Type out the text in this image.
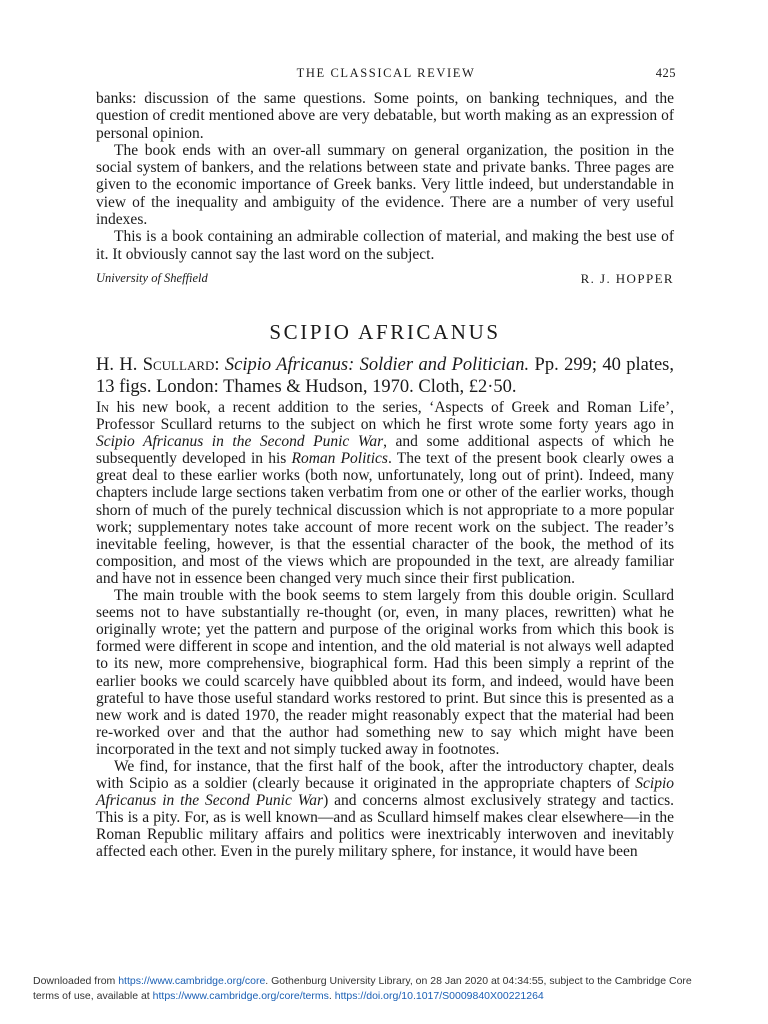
THE CLASSICAL REVIEW	425

banks: discussion of the same questions. Some points, on banking techniques, and the question of credit mentioned above are very debatable, but worth making as an expression of personal opinion.

The book ends with an over-all summary on general organization, the position in the social system of bankers, and the relations between state and private banks. Three pages are given to the economic importance of Greek banks. Very little indeed, but understandable in view of the inequality and ambiguity of the evidence. There are a number of very useful indexes.

This is a book containing an admirable collection of material, and making the best use of it. It obviously cannot say the last word on the subject.

University of Sheffield	R. J. HOPPER
SCIPIO AFRICANUS
H. H. Scullard: Scipio Africanus: Soldier and Politician. Pp. 299; 40 plates, 13 figs. London: Thames & Hudson, 1970. Cloth, £2·50.

In his new book, a recent addition to the series, ‘Aspects of Greek and Roman Life’, Professor Scullard returns to the subject on which he first wrote some forty years ago in Scipio Africanus in the Second Punic War, and some additional aspects of which he subsequently developed in his Roman Politics. The text of the present book clearly owes a great deal to these earlier works (both now, unfortunately, long out of print). Indeed, many chapters include large sections taken verbatim from one or other of the earlier works, though shorn of much of the purely technical discussion which is not appropriate to a more popular work; supplementary notes take account of more recent work on the subject. The reader’s inevitable feeling, however, is that the essential character of the book, the method of its composition, and most of the views which are propounded in the text, are already familiar and have not in essence been changed very much since their first publication.

The main trouble with the book seems to stem largely from this double origin. Scullard seems not to have substantially re-thought (or, even, in many places, rewritten) what he originally wrote; yet the pattern and purpose of the original works from which this book is formed were different in scope and intention, and the old material is not always well adapted to its new, more comprehensive, biographical form. Had this been simply a reprint of the earlier books we could scarcely have quibbled about its form, and indeed, would have been grateful to have those useful standard works restored to print. But since this is presented as a new work and is dated 1970, the reader might reasonably expect that the material had been re-worked over and that the author had something new to say which might have been incorporated in the text and not simply tucked away in footnotes.

We find, for instance, that the first half of the book, after the introductory chapter, deals with Scipio as a soldier (clearly because it originated in the appropriate chapters of Scipio Africanus in the Second Punic War) and concerns almost exclusively strategy and tactics. This is a pity. For, as is well known—and as Scullard himself makes clear elsewhere—in the Roman Republic military affairs and politics were inextricably interwoven and inevitably affected each other. Even in the purely military sphere, for instance, it would have been

Downloaded from https://www.cambridge.org/core. Gothenburg University Library, on 28 Jan 2020 at 04:34:55, subject to the Cambridge Core
terms of use, available at https://www.cambridge.org/core/terms. https://doi.org/10.1017/S0009840X00221264
